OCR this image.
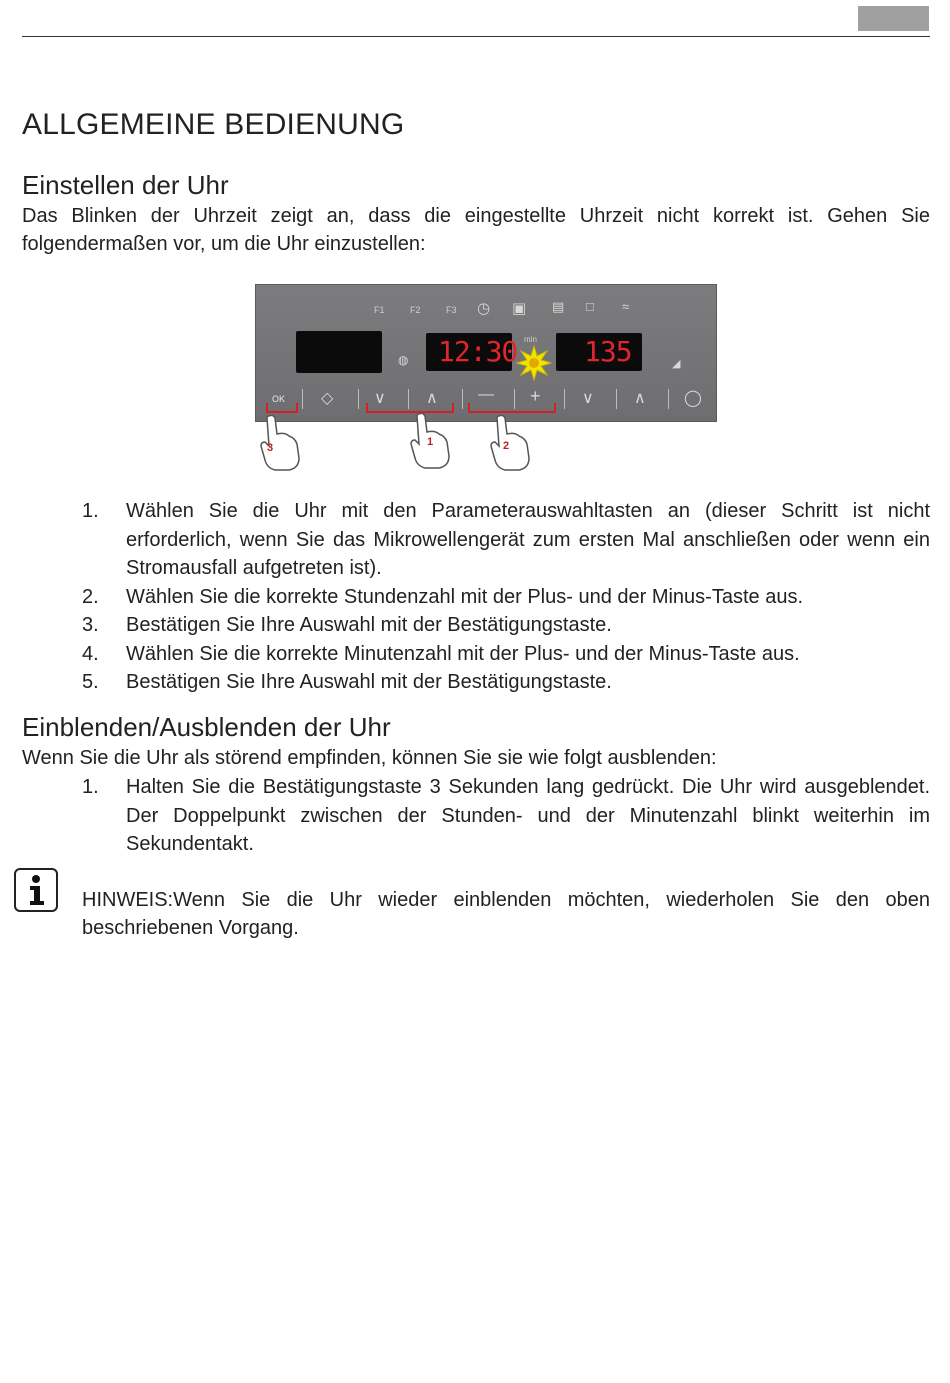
ALLGEMEINE BEDIENUNG
Einstellen der Uhr

Das Blinken der Uhrzeit zeigt an, dass die eingestellte Uhrzeit nicht korrekt ist. Gehen Sie folgendermaßen vor, um die Uhr einzustellen:

F1	F2	F3 ◷ ▣ ▤ □ ≈
◍ 12:30 min 135	◢
OK ◇	∨	∧	— +	∨	∧ ◯
3	1	2
1. Wählen Sie die Uhr mit den Parameterauswahltasten an (dieser Schritt ist nicht erforderlich, wenn Sie das Mikrowellengerät zum ersten Mal anschließen oder wenn ein Stromausfall aufgetreten ist).
2. Wählen Sie die korrekte Stundenzahl mit der Plus- und der Minus-Taste aus.
3. Bestätigen Sie Ihre Auswahl mit der Bestätigungstaste.
4. Wählen Sie die korrekte Minutenzahl mit der Plus- und der Minus-Taste aus.
5. Bestätigen Sie Ihre Auswahl mit der Bestätigungstaste.
Einblenden/Ausblenden der Uhr

Wenn Sie die Uhr als störend empfinden, können Sie sie wie folgt ausblenden:

1. Halten Sie die Bestätigungstaste 3 Sekunden lang gedrückt. Die Uhr wird ausgeblendet. Der Doppelpunkt zwischen der Stunden- und der Minutenzahl blinkt weiterhin im Sekundentakt.
HINWEIS:Wenn Sie die Uhr wieder einblenden möchten, wiederholen Sie den oben beschriebenen Vorgang.
